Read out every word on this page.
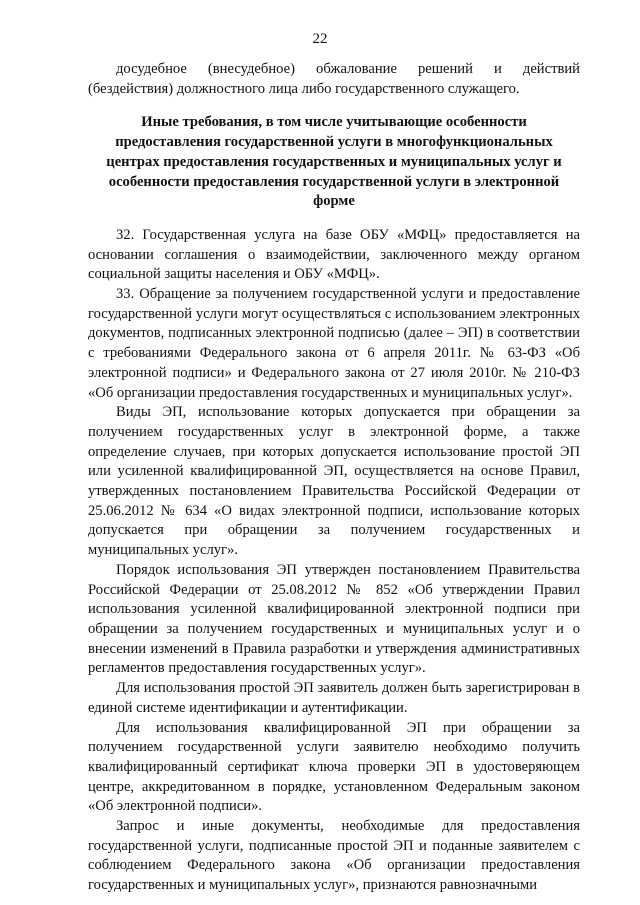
22

досудебное (внесудебное) обжалование решений и действий (бездействия) должностного лица либо государственного служащего.

Иные требования, в том числе учитывающие особенности предоставления государственной услуги в многофункциональных центрах предоставления государственных и муниципальных услуг и особенности предоставления государственной услуги в электронной форме

32. Государственная услуга на базе ОБУ «МФЦ» предоставляется на основании соглашения о взаимодействии, заключенного между органом социальной защиты населения и ОБУ «МФЦ».

33. Обращение за получением государственной услуги и предоставление государственной услуги могут осуществляться с использованием электронных документов, подписанных электронной подписью (далее – ЭП) в соответствии с требованиями Федерального закона от 6 апреля 2011г. № 63-ФЗ «Об электронной подписи» и Федерального закона от 27 июля 2010г. № 210-ФЗ «Об организации предоставления государственных и муниципальных услуг».

Виды ЭП, использование которых допускается при обращении за получением государственных услуг в электронной форме, а также определение случаев, при которых допускается использование простой ЭП или усиленной квалифицированной ЭП, осуществляется на основе Правил, утвержденных постановлением Правительства Российской Федерации от 25.06.2012 № 634 «О видах электронной подписи, использование которых допускается при обращении за получением государственных и муниципальных услуг».

Порядок использования ЭП утвержден постановлением Правительства Российской Федерации от 25.08.2012 № 852 «Об утверждении Правил использования усиленной квалифицированной электронной подписи при обращении за получением государственных и муниципальных услуг и о внесении изменений в Правила разработки и утверждения административных регламентов предоставления государственных услуг».

Для использования простой ЭП заявитель должен быть зарегистрирован в единой системе идентификации и аутентификации.

Для использования квалифицированной ЭП при обращении за получением государственной услуги заявителю необходимо получить квалифицированный сертификат ключа проверки ЭП в удостоверяющем центре, аккредитованном в порядке, установленном Федеральным законом «Об электронной подписи».

Запрос и иные документы, необходимые для предоставления государственной услуги, подписанные простой ЭП и поданные заявителем с соблюдением Федерального закона «Об организации предоставления государственных и муниципальных услуг», признаются равнозначными
